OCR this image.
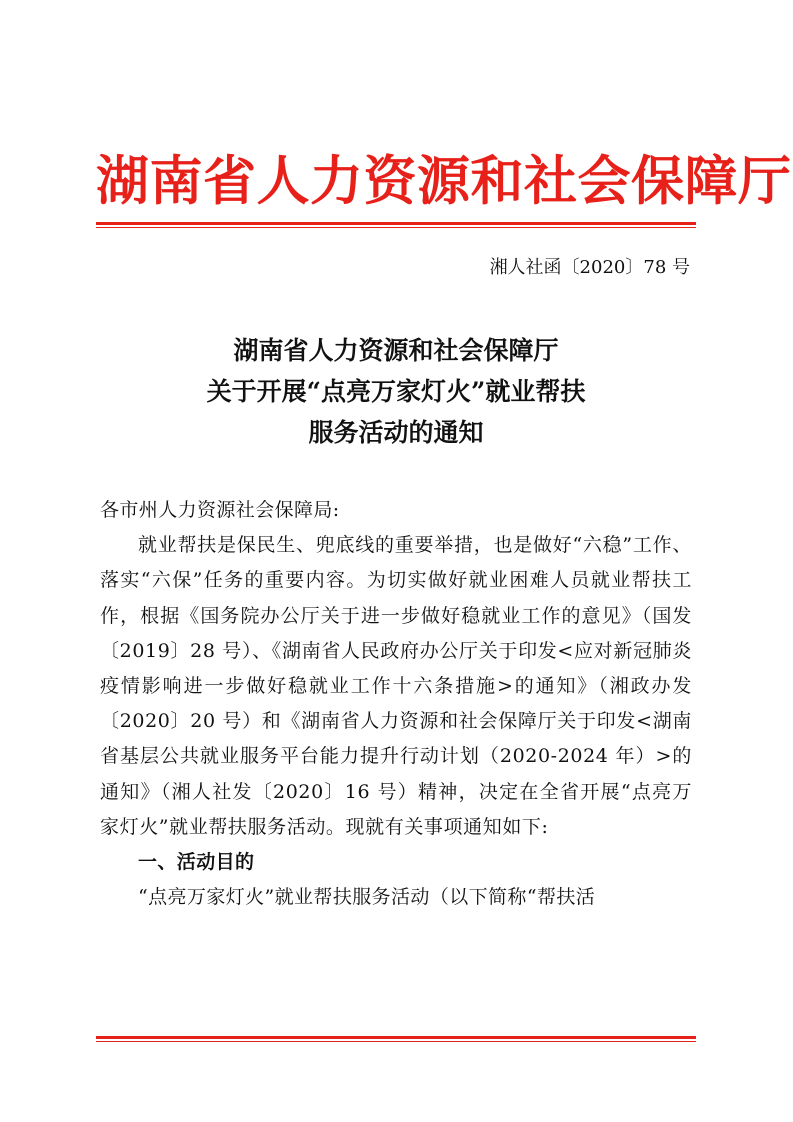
湖南省人力资源和社会保障厅
湘人社函〔2020〕78 号
湖南省人力资源和社会保障厅
关于开展“点亮万家灯火”就业帮扶
服务活动的通知

各市州人力资源社会保障局:

就业帮扶是保民生、兜底线的重要举措，也是做好“六稳”工作、落实“六保”任务的重要内容。为切实做好就业困难人员就业帮扶工作，根据《国务院办公厅关于进一步做好稳就业工作的意见》（国发〔2019〕28 号）、《湖南省人民政府办公厅关于印发<应对新冠肺炎疫情影响进一步做好稳就业工作十六条措施>的通知》（湘政办发〔2020〕20 号）和《湖南省人力资源和社会保障厅关于印发<湖南省基层公共就业服务平台能力提升行动计划（2020-2024 年）>的通知》（湘人社发〔2020〕16 号）精神，决定在全省开展“点亮万家灯火”就业帮扶服务活动。现就有关事项通知如下:

一、活动目的

“点亮万家灯火”就业帮扶服务活动（以下简称“帮扶活
